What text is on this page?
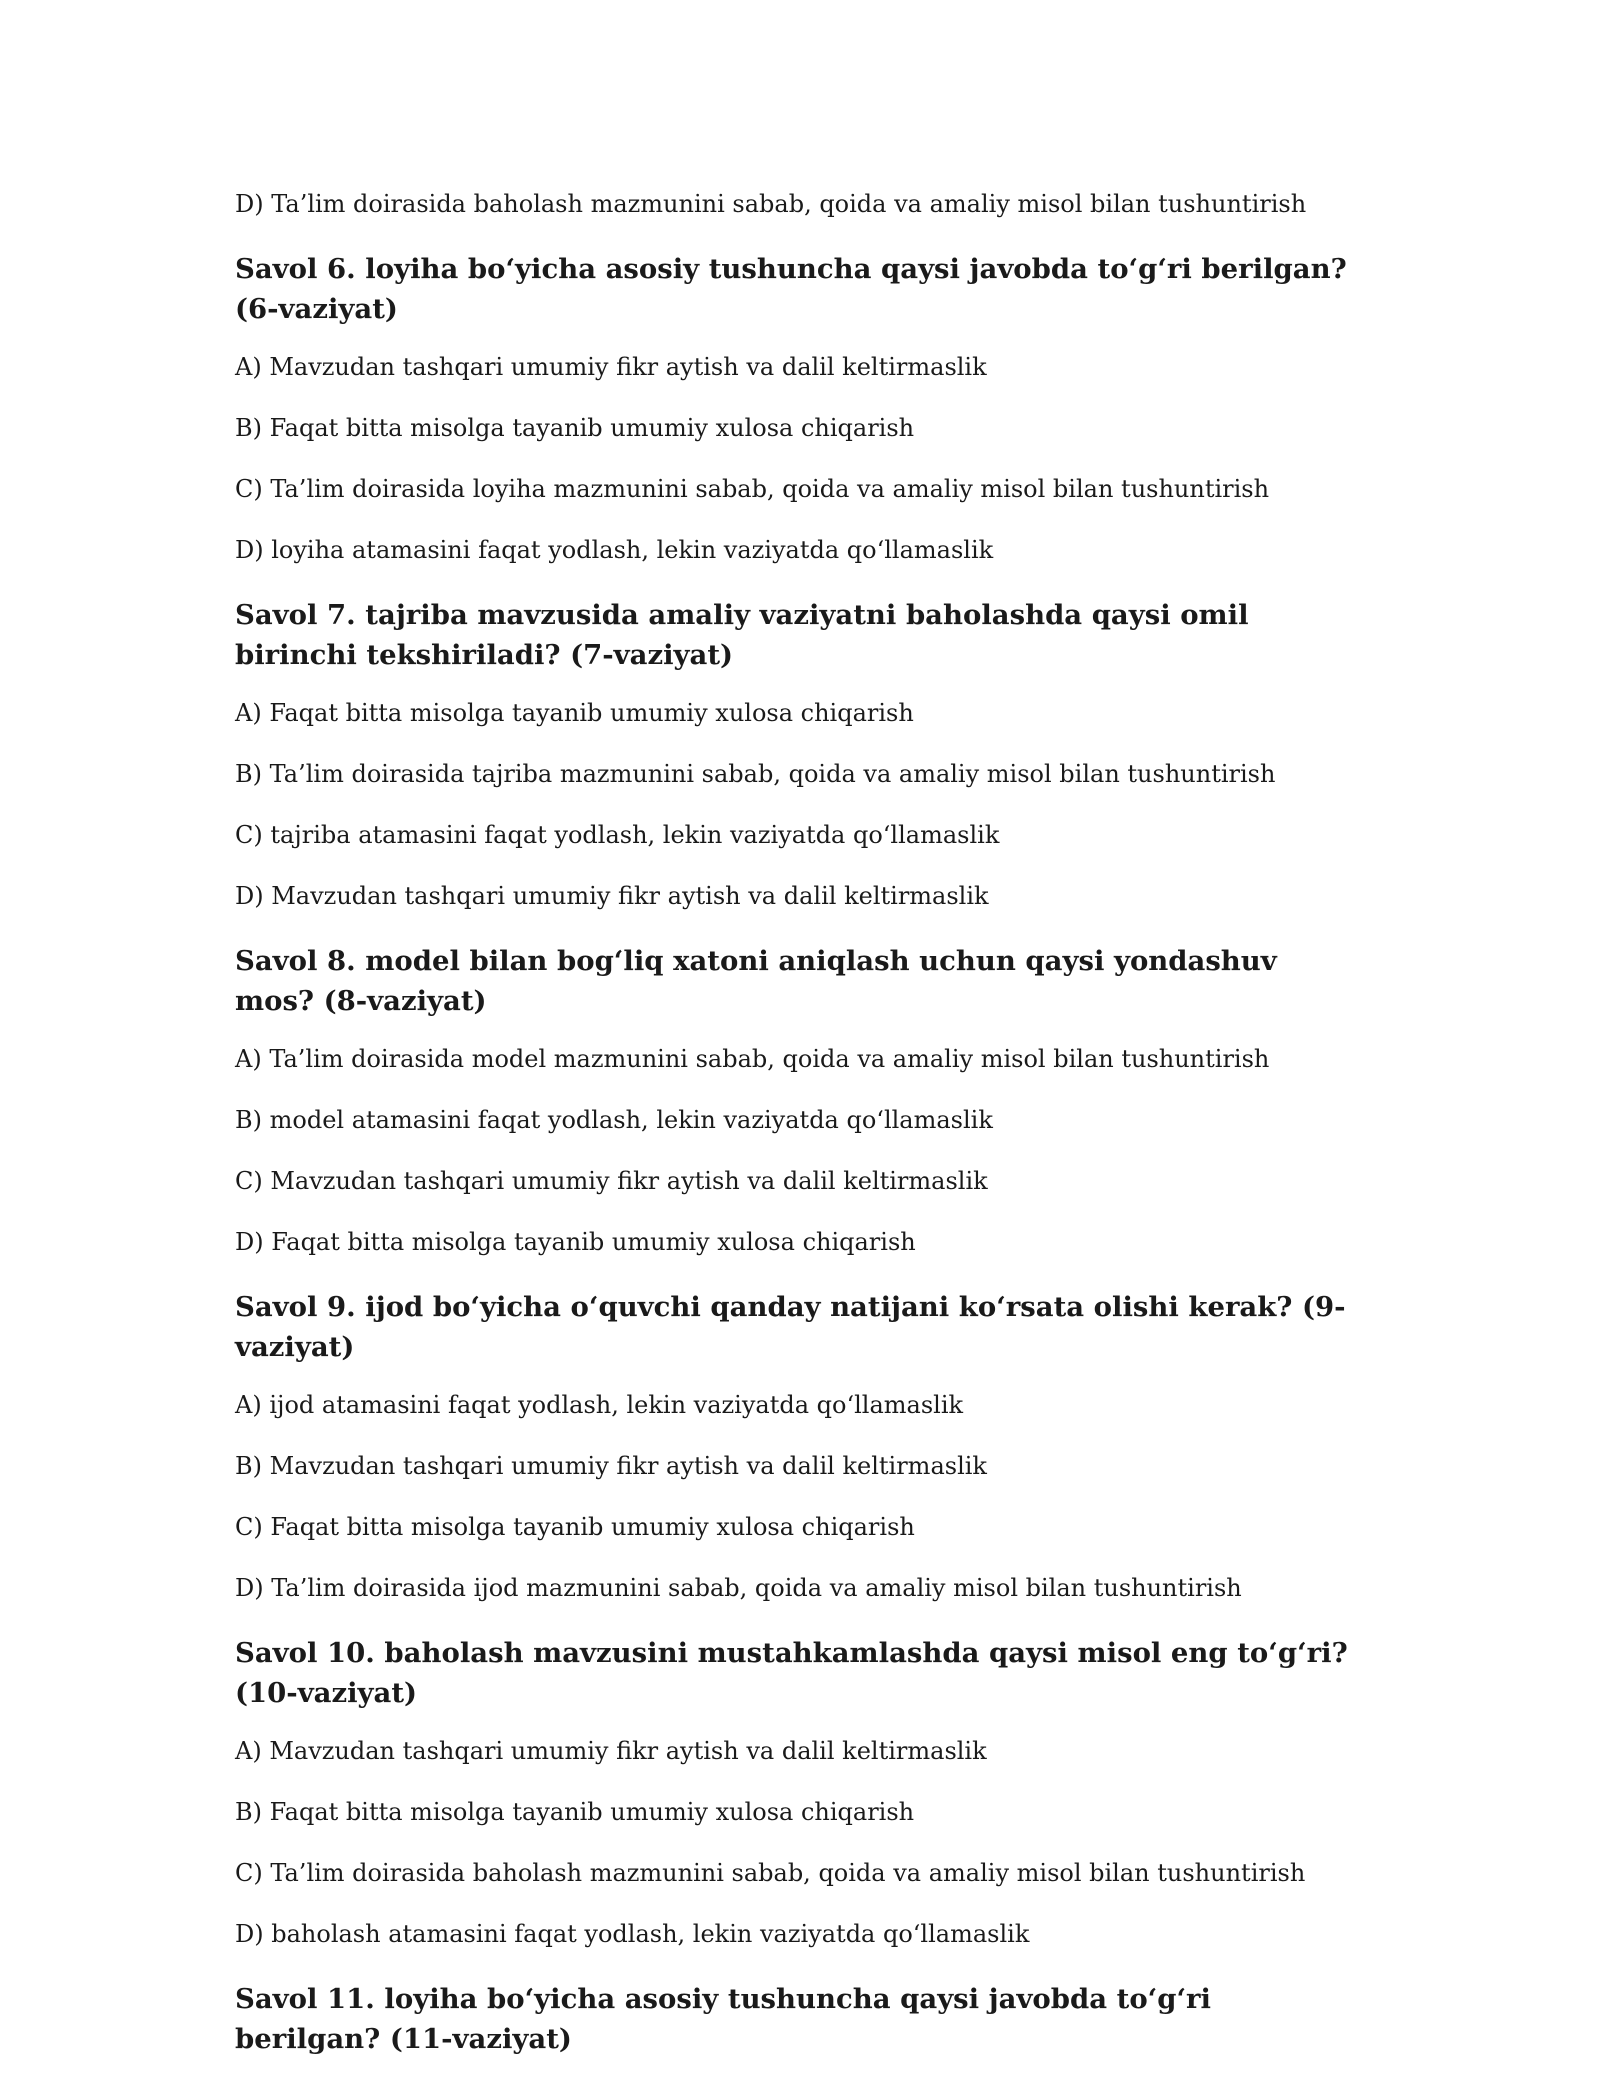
D) Ta’lim doirasida baholash mazmunini sabab, qoida va amaliy misol bilan tushuntirish

Savol 6. loyiha bo‘yicha asosiy tushuncha qaysi javobda to‘g‘ri berilgan? (6-vaziyat)

A) Mavzudan tashqari umumiy fikr aytish va dalil keltirmaslik

B) Faqat bitta misolga tayanib umumiy xulosa chiqarish

C) Ta’lim doirasida loyiha mazmunini sabab, qoida va amaliy misol bilan tushuntirish

D) loyiha atamasini faqat yodlash, lekin vaziyatda qo‘llamaslik

Savol 7. tajriba mavzusida amaliy vaziyatni baholashda qaysi omil birinchi tekshiriladi? (7-vaziyat)

A) Faqat bitta misolga tayanib umumiy xulosa chiqarish

B) Ta’lim doirasida tajriba mazmunini sabab, qoida va amaliy misol bilan tushuntirish

C) tajriba atamasini faqat yodlash, lekin vaziyatda qo‘llamaslik

D) Mavzudan tashqari umumiy fikr aytish va dalil keltirmaslik

Savol 8. model bilan bog‘liq xatoni aniqlash uchun qaysi yondashuv mos? (8-vaziyat)

A) Ta’lim doirasida model mazmunini sabab, qoida va amaliy misol bilan tushuntirish

B) model atamasini faqat yodlash, lekin vaziyatda qo‘llamaslik

C) Mavzudan tashqari umumiy fikr aytish va dalil keltirmaslik

D) Faqat bitta misolga tayanib umumiy xulosa chiqarish

Savol 9. ijod bo‘yicha o‘quvchi qanday natijani ko‘rsata olishi kerak? (9-vaziyat)

A) ijod atamasini faqat yodlash, lekin vaziyatda qo‘llamaslik

B) Mavzudan tashqari umumiy fikr aytish va dalil keltirmaslik

C) Faqat bitta misolga tayanib umumiy xulosa chiqarish

D) Ta’lim doirasida ijod mazmunini sabab, qoida va amaliy misol bilan tushuntirish

Savol 10. baholash mavzusini mustahkamlashda qaysi misol eng to‘g‘ri? (10-vaziyat)

A) Mavzudan tashqari umumiy fikr aytish va dalil keltirmaslik

B) Faqat bitta misolga tayanib umumiy xulosa chiqarish

C) Ta’lim doirasida baholash mazmunini sabab, qoida va amaliy misol bilan tushuntirish

D) baholash atamasini faqat yodlash, lekin vaziyatda qo‘llamaslik

Savol 11. loyiha bo‘yicha asosiy tushuncha qaysi javobda to‘g‘ri berilgan? (11-vaziyat)
